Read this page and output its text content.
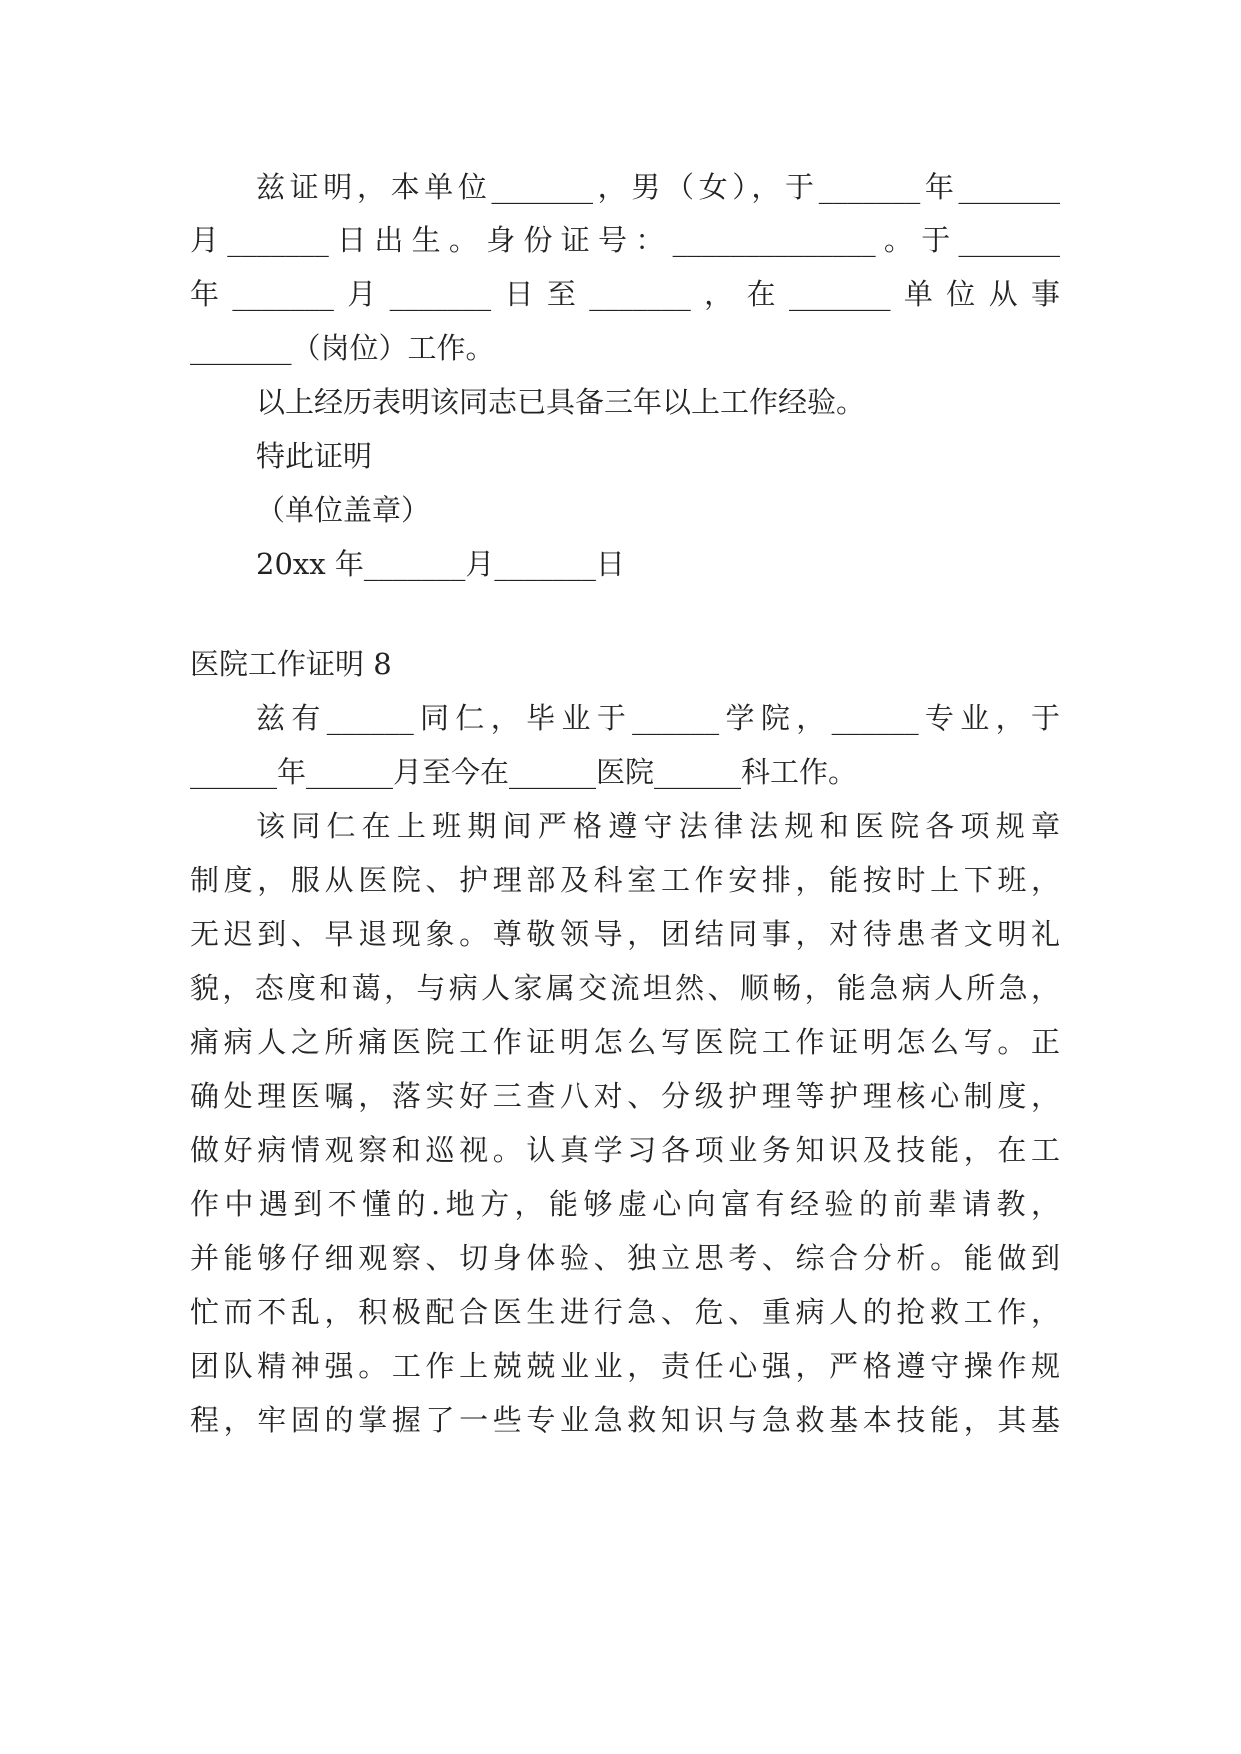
兹证明，本单位_______，男（女），于_______年_______
月_______日出生。身份证号：______________。于_______
年_______月_______日至_______，在_______单位从事
_______（岗位）工作。
以上经历表明该同志已具备三年以上工作经验。
特此证明
（单位盖章）
20xx 年_______月_______日
医院工作证明 8
兹有______同仁，毕业于______学院，______专业，于
______年______月至今在______医院______科工作。
该同仁在上班期间严格遵守法律法规和医院各项规章
制度，服从医院、护理部及科室工作安排，能按时上下班，
无迟到、早退现象。尊敬领导，团结同事，对待患者文明礼
貌，态度和蔼，与病人家属交流坦然、顺畅，能急病人所急，
痛病人之所痛医院工作证明怎么写医院工作证明怎么写。正
确处理医嘱，落实好三查八对、分级护理等护理核心制度，
做好病情观察和巡视。认真学习各项业务知识及技能，在工
作中遇到不懂的.地方，能够虚心向富有经验的前辈请教，
并能够仔细观察、切身体验、独立思考、综合分析。能做到
忙而不乱，积极配合医生进行急、危、重病人的抢救工作，
团队精神强。工作上兢兢业业，责任心强，严格遵守操作规
程，牢固的掌握了一些专业急救知识与急救基本技能，其基
